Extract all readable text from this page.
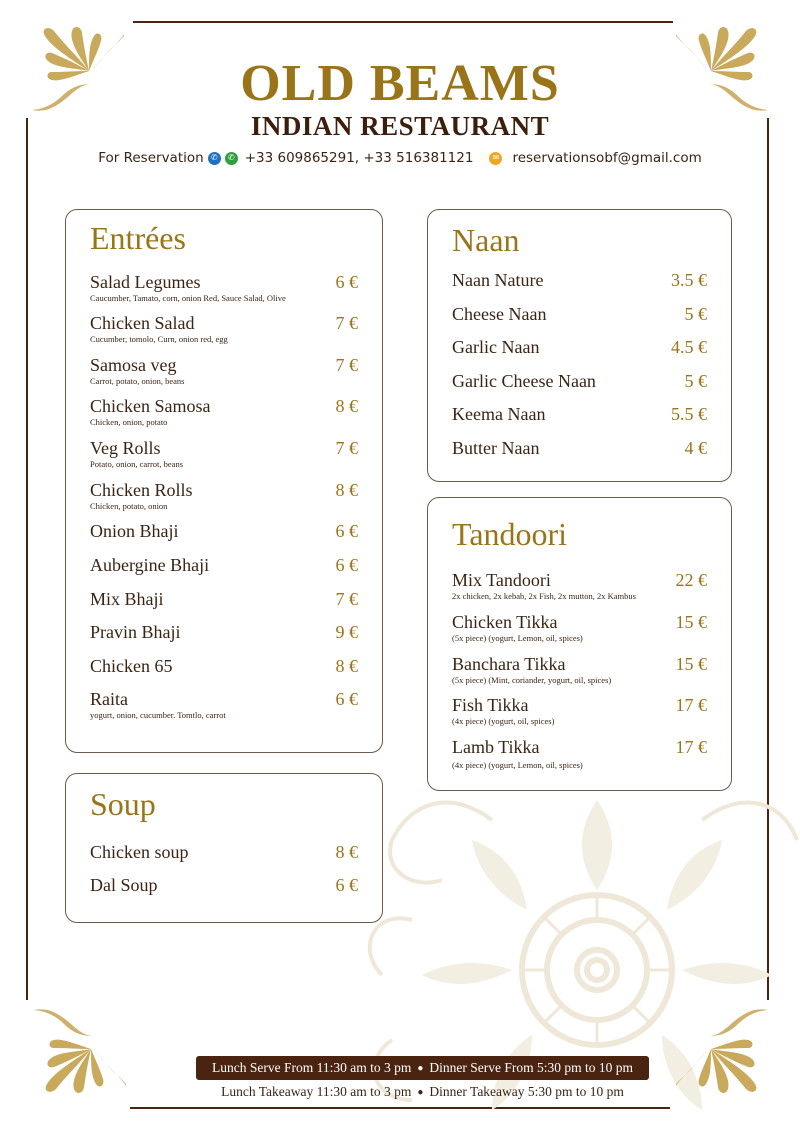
OLD BEAMS
INDIAN RESTAURANT
For Reservation ✆	✆ +33 609865291, +33 516381121	✉ reservationsobf@gmail.com
Entrées
Salad Legumes
Caucumber, Tamato, corn, onion Red, Sauce Salad, Olive
6 €
Chicken Salad
Cucumber, tomolo, Curn, onion red, egg
7 €
Samosa veg
Carrot, potato, onion, beans
7 €
Chicken Samosa
Chicken, onion, potato
8 €
Veg Rolls
Potato, onion, carrot, beans
7 €
Chicken Rolls
Chicken, potato, onion
8 €
Onion Bhaji	6 €
Aubergine Bhaji	6 €
Mix Bhaji	7 €
Pravin Bhaji	9 €
Chicken 65	8 €
Raita
yogurt, onion, cucumber. Tomtlo, carrot
6 €
Soup
Chicken soup	8 €
Dal Soup	6 €
Naan
Naan Nature	3.5 €
Cheese Naan	5 €
Garlic Naan	4.5 €
Garlic Cheese Naan	5 €
Keema Naan	5.5 €
Butter Naan	4 €
Tandoori
Mix Tandoori
2x chicken, 2x kebab, 2x Fish, 2x mutton, 2x Kambus
22 €
Chicken Tikka
(5x piece) (yogurt, Lemon, oil, spices)
15 €
Banchara Tikka
(5x piece) (Mint, coriander, yogurt, oil, spices)
15 €
Fish Tikka
(4x piece) (yogurt, oil, spices)
17 €
Lamb Tikka
(4x piece) (yogurt, Lemon, oil, spices)
17 €
Lunch Serve From 11:30 am to 3 pm ● Dinner Serve From 5:30 pm to 10 pm
Lunch Takeaway 11:30 am to 3 pm ● Dinner Takeaway 5:30 pm to 10 pm
